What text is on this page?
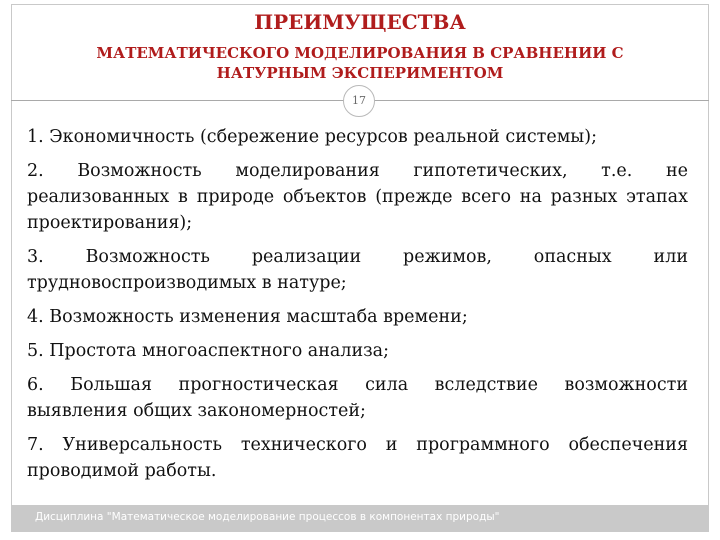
ПРЕИМУЩЕСТВА
МАТЕМАТИЧЕСКОГО МОДЕЛИРОВАНИЯ В СРАВНЕНИИ С
НАТУРНЫМ ЭКСПЕРИМЕНТОМ
17

1. Экономичность (сбережение ресурсов реальной системы);

2. Возможность моделирования гипотетических, т.е. не реализованных в природе объектов (прежде всего на разных этапах проектирования);

3. Возможность реализации режимов, опасных или трудновоспроизводимых в натуре;

4. Возможность изменения масштаба времени;

5. Простота многоаспектного анализа;

6. Большая прогностическая сила вследствие возможности выявления общих закономерностей;

7. Универсальность технического и программного обеспечения проводимой работы.

Дисциплина "Математическое моделирование процессов в компонентах природы"
